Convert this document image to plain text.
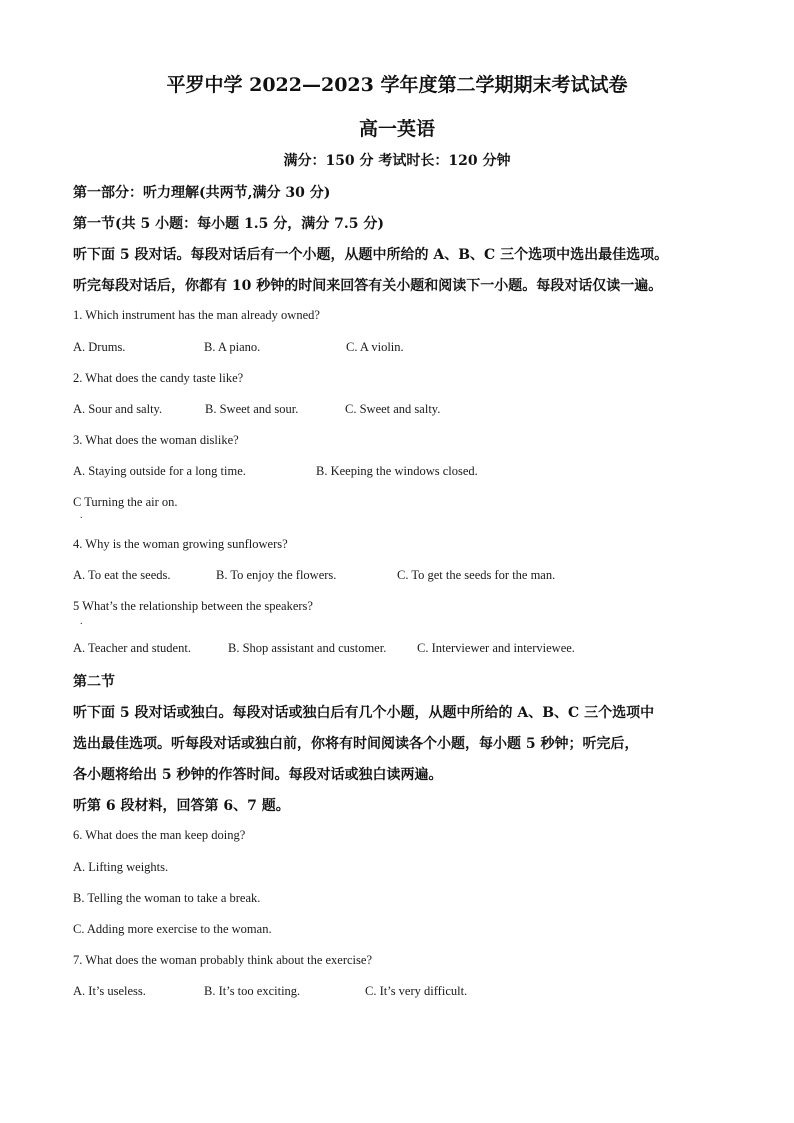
平罗中学 2022—2023 学年度第二学期期末考试试卷
高一英语
满分：150 分 考试时长：120 分钟
第一部分：听力理解(共两节,满分 30 分)
第一节(共 5 小题：每小题 1.5 分，满分 7.5 分)
听下面 5 段对话。每段对话后有一个小题，从题中所给的 A、B、C 三个选项中选出最佳选项。
听完每段对话后，你都有 10 秒钟的时间来回答有关小题和阅读下一小题。每段对话仅读一遍。
1. Which instrument has the man already owned?
A. Drums.	B. A piano.	C. A violin.
2. What does the candy taste like?
A. Sour and salty.	B. Sweet and sour.	C. Sweet and salty.
3. What does the woman dislike?
A. Staying outside for a long time.	B. Keeping the windows closed.
C Turning the air on.
.
4. Why is the woman growing sunflowers?
A. To eat the seeds.	B. To enjoy the flowers.	C. To get the seeds for the man.
5 What’s the relationship between the speakers?
.
A. Teacher and student.	B. Shop assistant and customer. C. Interviewer and interviewee.
第二节
听下面 5 段对话或独白。每段对话或独白后有几个小题，从题中所给的 A、B、C 三个选项中
选出最佳选项。听每段对话或独白前，你将有时间阅读各个小题，每小题 5 秒钟；听完后，
各小题将给出 5 秒钟的作答时间。每段对话或独白读两遍。
听第 6 段材料，回答第 6、7 题。
6. What does the man keep doing?
A. Lifting weights.
B. Telling the woman to take a break.
C. Adding more exercise to the woman.
7. What does the woman probably think about the exercise?
A. It’s useless.	B. It’s too exciting.	C. It’s very difficult.
